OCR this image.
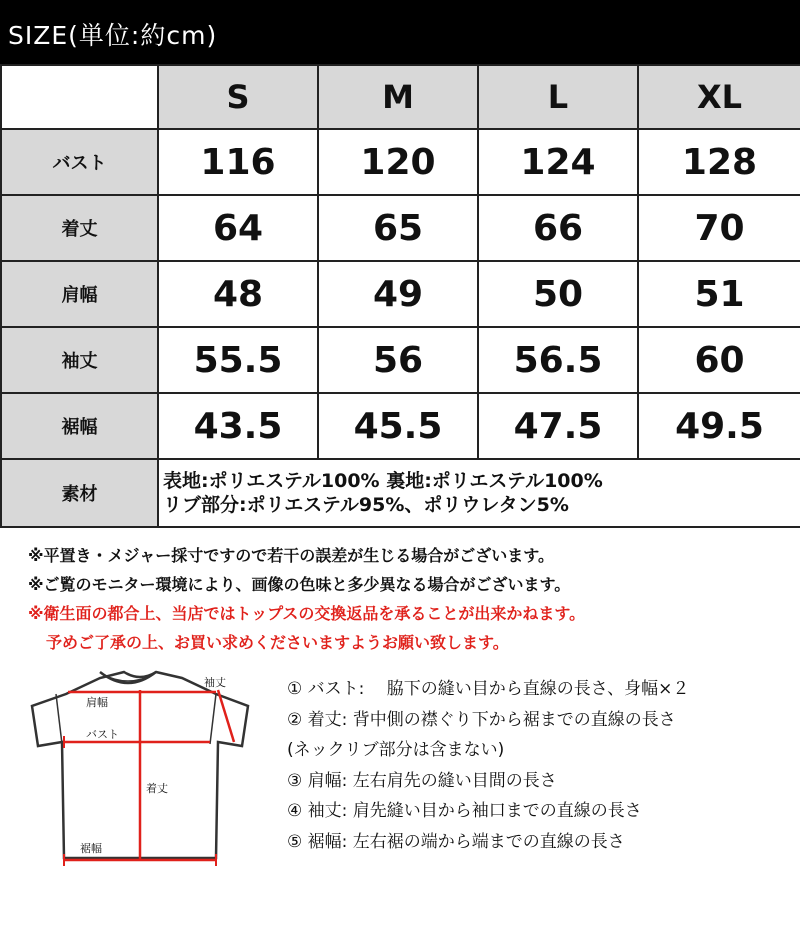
SIZE(単位:約cm)
	S	M	L	XL
バスト	116	120	124	128
着丈	64	65	66	70
肩幅	48	49	50	51
袖丈	55.5	56	56.5	60
裾幅	43.5	45.5	47.5	49.5
素材	表地:ポリエステル100% 裏地:ポリエステル100%
リブ部分:ポリエステル95%、ポリウレタン5%			
※平置き・メジャー採寸ですので若干の誤差が生じる場合がございます。
※ご覧のモニター環境により、画像の色味と多少異なる場合がございます。
※衛生面の都合上、当店ではトップスの交換返品を承ることが出来かねます。
予めご了承の上、お買い求めくださいますようお願い致します。
肩幅
袖丈
バスト
着丈
裾幅
① バスト:　 脇下の縫い目から直線の長さ、身幅×２
② 着丈: 背中側の襟ぐり下から裾までの直線の長さ
(ネックリブ部分は含まない)
③ 肩幅: 左右肩先の縫い目間の長さ
④ 袖丈: 肩先縫い目から袖口までの直線の長さ
⑤ 裾幅: 左右裾の端から端までの直線の長さ
